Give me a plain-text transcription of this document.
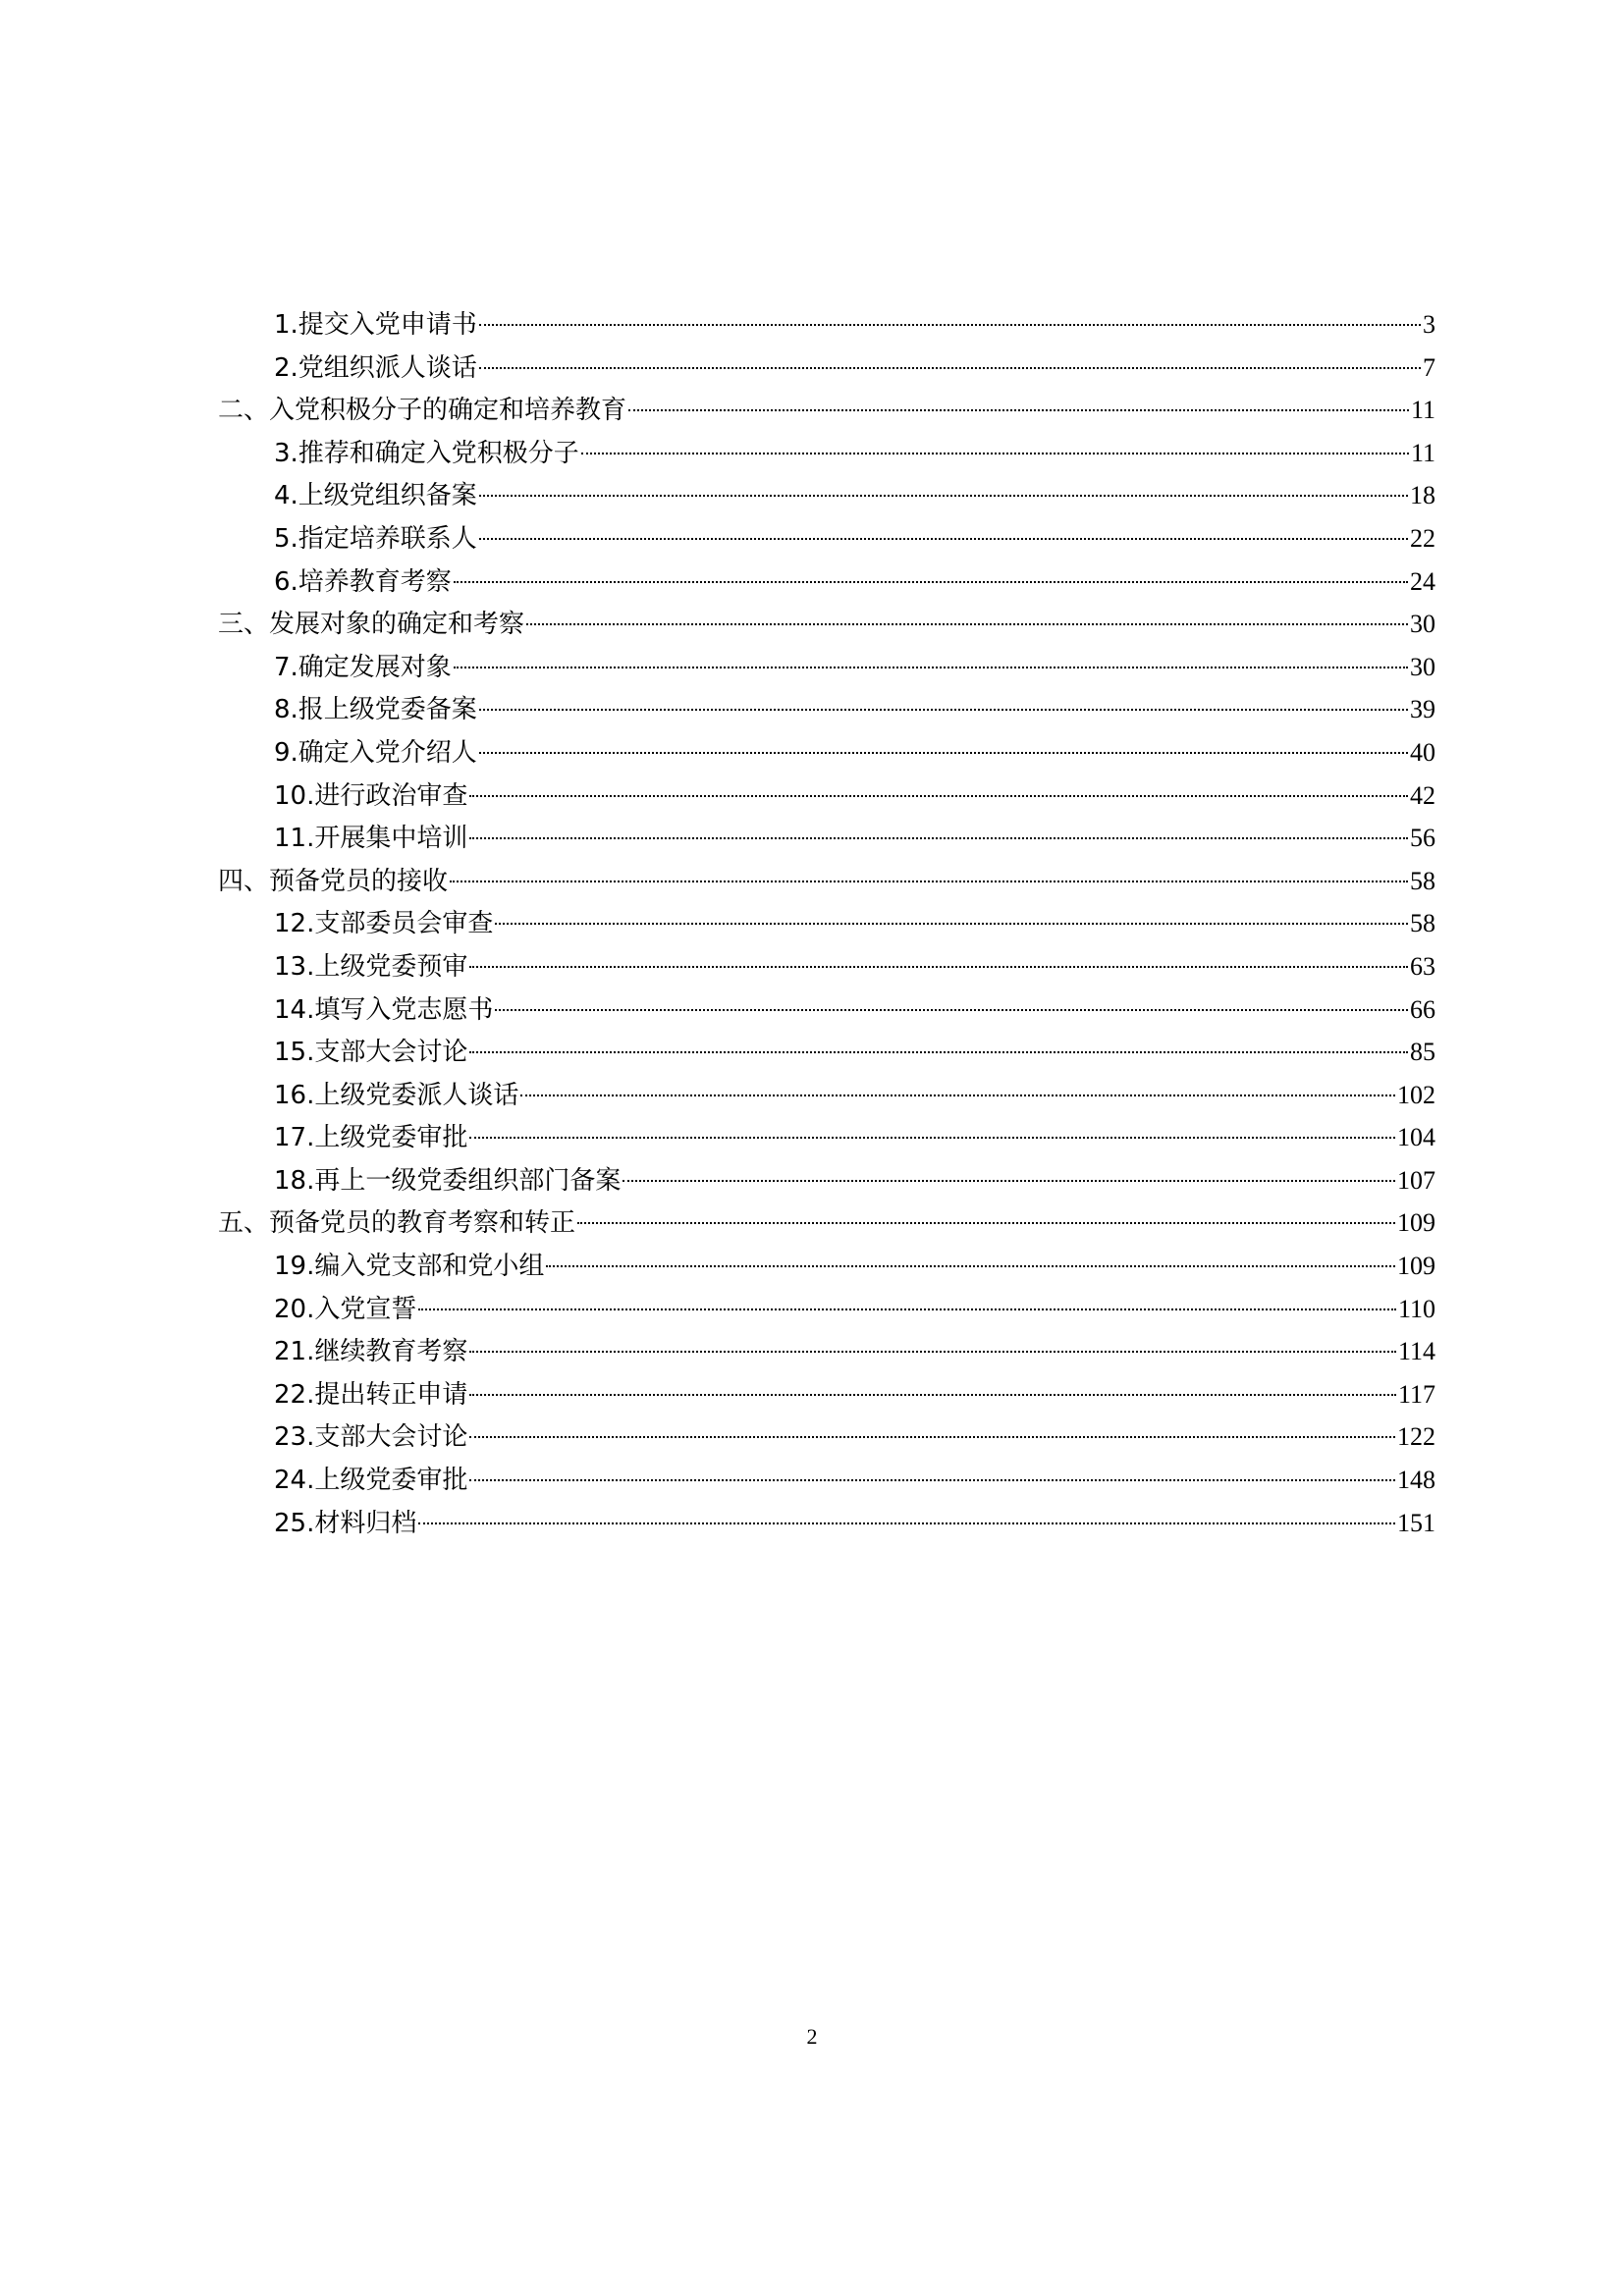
1.提交入党申请书	3
2.党组织派人谈话	7
二、入党积极分子的确定和培养教育	11
3.推荐和确定入党积极分子	11
4.上级党组织备案	18
5.指定培养联系人	22
6.培养教育考察	24
三、发展对象的确定和考察	30
7.确定发展对象	30
8.报上级党委备案	39
9.确定入党介绍人	40
10.进行政治审查	42
11.开展集中培训	56
四、预备党员的接收	58
12.支部委员会审查	58
13.上级党委预审	63
14.填写入党志愿书	66
15.支部大会讨论	85
16.上级党委派人谈话	102
17.上级党委审批	104
18.再上一级党委组织部门备案	107
五、预备党员的教育考察和转正	109
19.编入党支部和党小组	109
20.入党宣誓	110
21.继续教育考察	114
22.提出转正申请	117
23.支部大会讨论	122
24.上级党委审批	148
25.材料归档	151
2
